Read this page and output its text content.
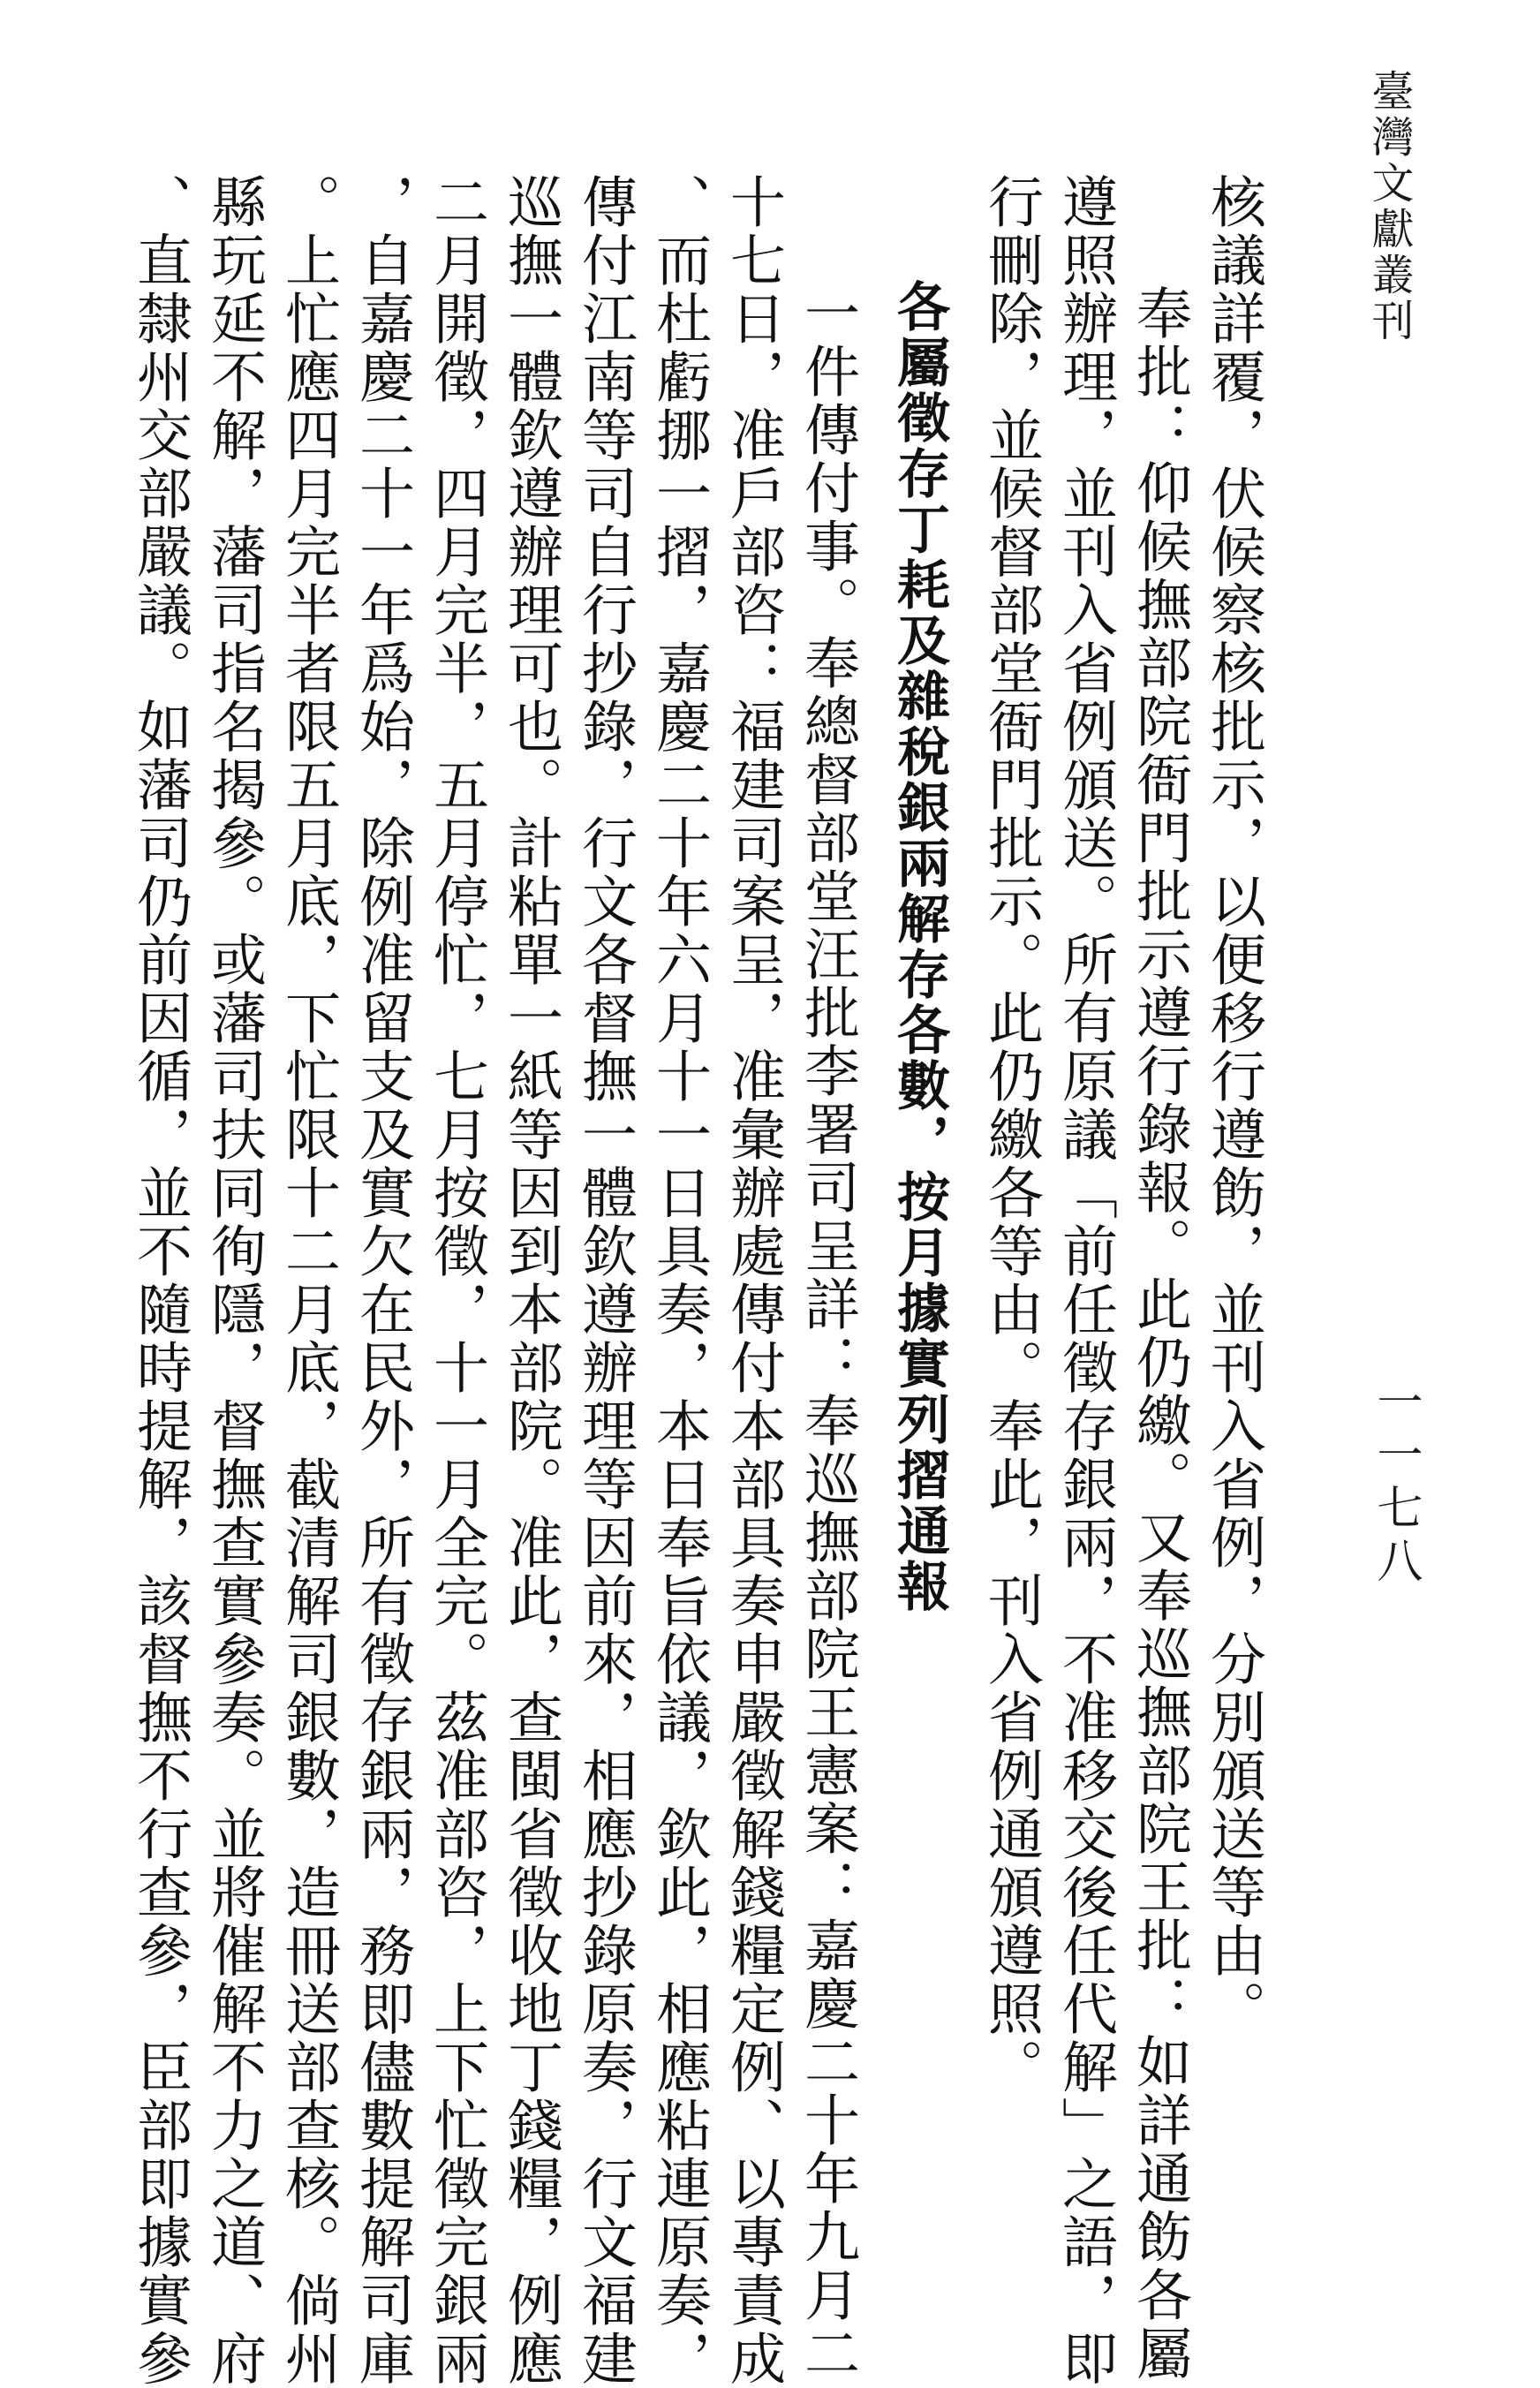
臺灣文獻叢刊
一一七八

核議詳覆，伏候察核批示，以便移行遵飭，並刊入省例，分別頒送等由。

奉批：仰候撫部院衙門批示遵行錄報。此仍繳。又奉巡撫部院王批：如詳通飭各屬

遵照辦理，並刊入省例頒送。所有原議「前任徵存銀兩，不准移交後任代解」之語，即

行刪除，並候督部堂衙門批示。此仍繳各等由。奉此，刊入省例通頒遵照。

各屬徵存丁耗及雜稅銀兩解存各數，按月據實列摺通報

一件傳付事。奉總督部堂汪批李署司呈詳：奉巡撫部院王憲案：嘉慶二十年九月二

十七日，准戶部咨：福建司案呈，准彙辦處傳付本部具奏申嚴徵解錢糧定例、以專責成

、而杜虧挪一摺，嘉慶二十年六月十一日具奏，本日奉旨依議，欽此，相應粘連原奏，

傳付江南等司自行抄錄，行文各督撫一體欽遵辦理等因前來，相應抄錄原奏，行文福建

巡撫一體欽遵辦理可也。計粘單一紙等因到本部院。准此，查閩省徵收地丁錢糧，例應

二月開徵，四月完半，五月停忙，七月按徵，十一月全完。茲准部咨，上下忙徵完銀兩

，自嘉慶二十一年爲始，除例准留支及實欠在民外，所有徵存銀兩，務即儘數提解司庫

。上忙應四月完半者限五月底，下忙限十二月底，截清解司銀數，造冊送部查核。倘州

縣玩延不解，藩司指名揭參。或藩司扶同徇隱，督撫查實參奏。並將催解不力之道、府

、直隸州交部嚴議。如藩司仍前因循，並不隨時提解，該督撫不行查參，臣部即據實參
